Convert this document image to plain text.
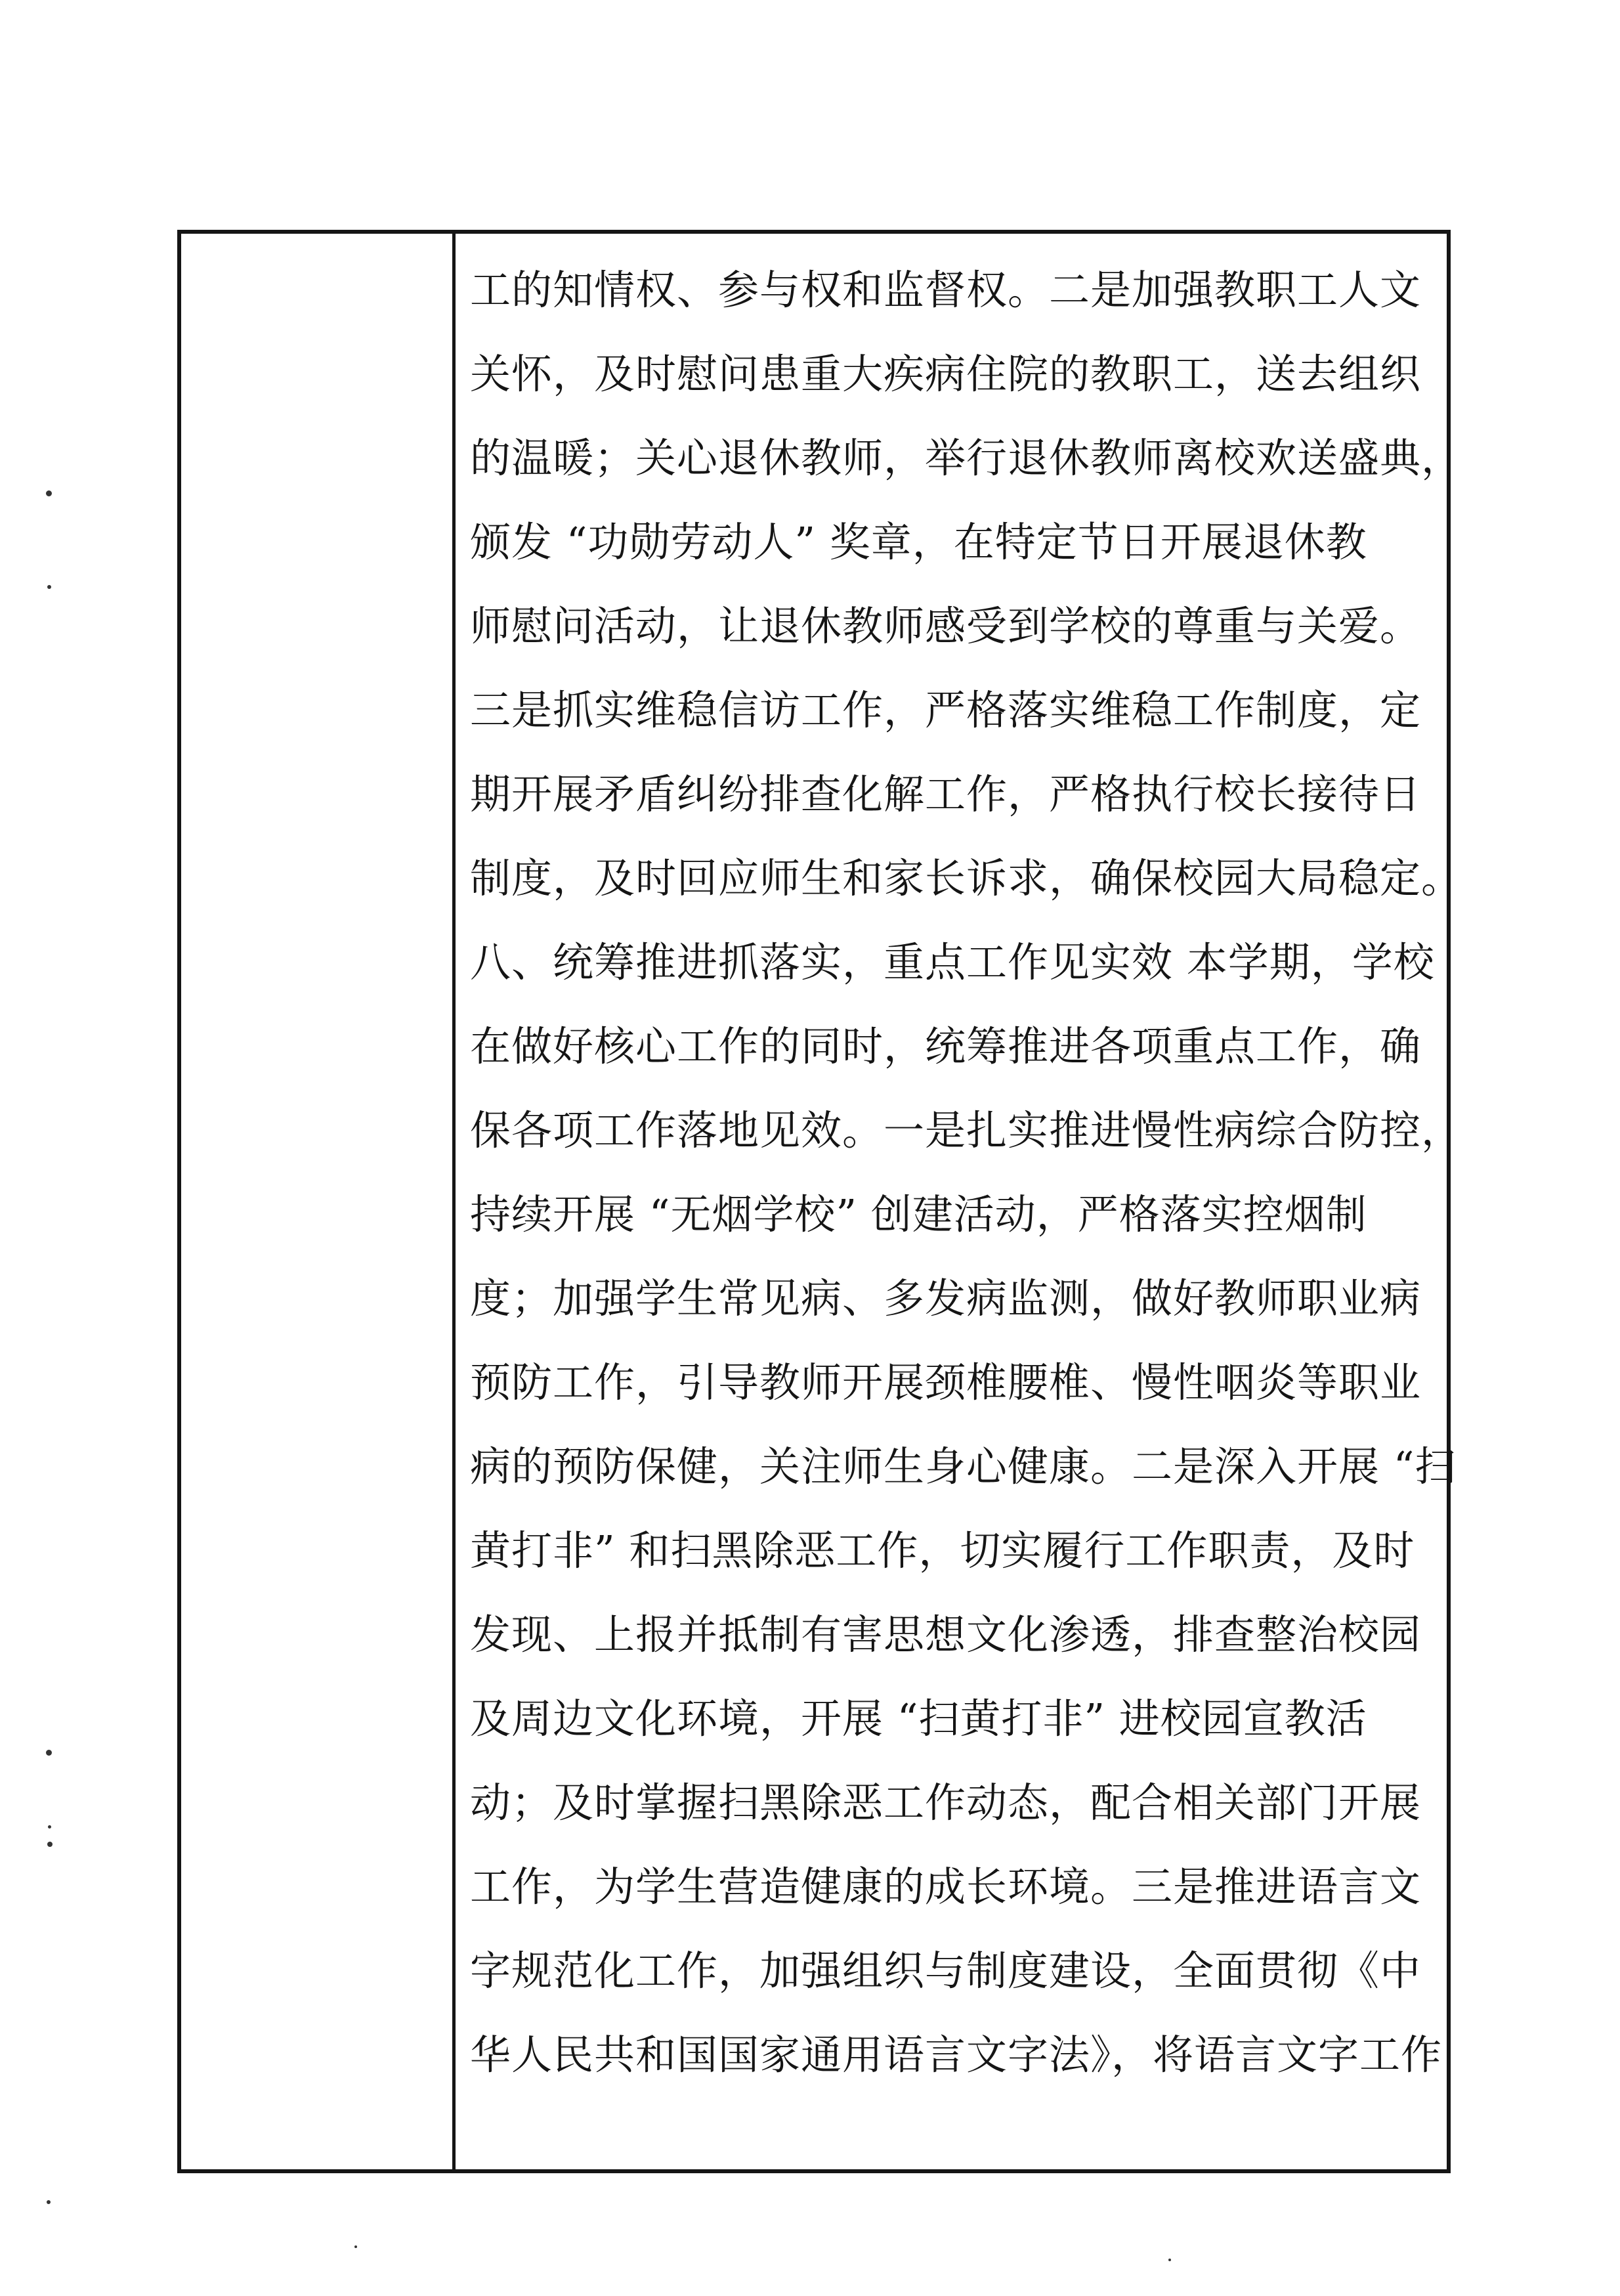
工的知情权、参与权和监督权。二是加强教职工人文
关怀，及时慰问患重大疾病住院的教职工，送去组织
的温暖；关心退休教师，举行退休教师离校欢送盛典，
颁发 “功勋劳动人” 奖章，在特定节日开展退休教
师慰问活动，让退休教师感受到学校的尊重与关爱。
三是抓实维稳信访工作，严格落实维稳工作制度，定
期开展矛盾纠纷排查化解工作，严格执行校长接待日
制度，及时回应师生和家长诉求，确保校园大局稳定。
八、统筹推进抓落实，重点工作见实效 本学期，学校
在做好核心工作的同时，统筹推进各项重点工作，确
保各项工作落地见效。一是扎实推进慢性病综合防控，
持续开展 “无烟学校” 创建活动，严格落实控烟制
度；加强学生常见病、多发病监测，做好教师职业病
预防工作，引导教师开展颈椎腰椎、慢性咽炎等职业
病的预防保健，关注师生身心健康。二是深入开展 “扫
黄打非” 和扫黑除恶工作，切实履行工作职责，及时
发现、上报并抵制有害思想文化渗透，排查整治校园
及周边文化环境，开展 “扫黄打非” 进校园宣教活
动；及时掌握扫黑除恶工作动态，配合相关部门开展
工作，为学生营造健康的成长环境。三是推进语言文
字规范化工作，加强组织与制度建设，全面贯彻《中
华人民共和国国家通用语言文字法》，将语言文字工作
